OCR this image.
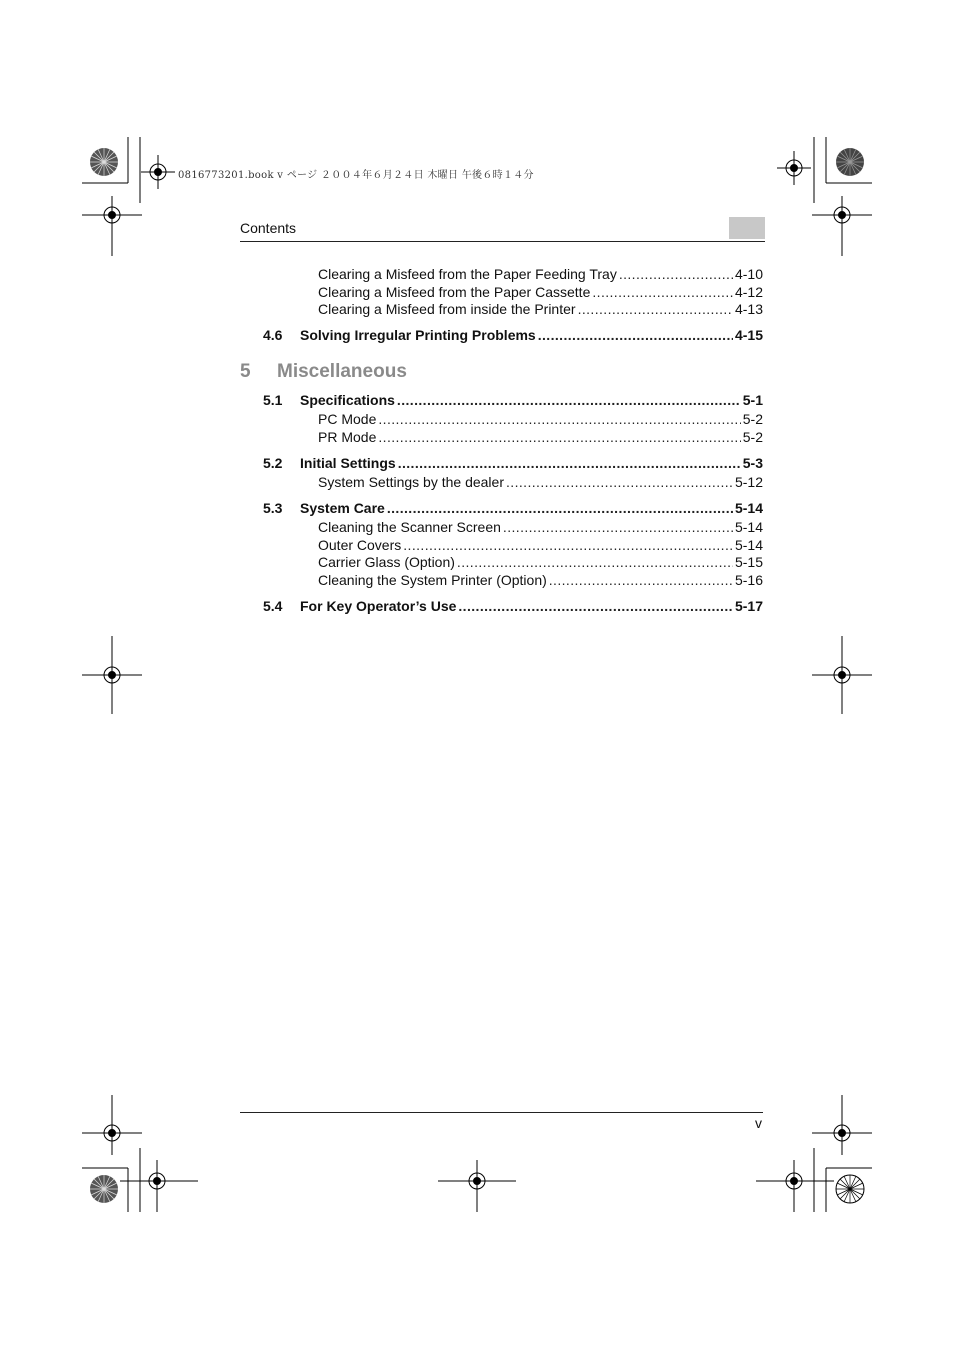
0816773201.book v ページ ２００４年６月２４日 木曜日 午後６時１４分
Contents
Clearing a Misfeed from the Paper Feeding Tray .....	4-10
Clearing a Misfeed from the Paper Cassette .....	4-12
Clearing a Misfeed from inside the Printer .....	4-13
4.6 Solving Irregular Printing Problems .....	4-15
5 Miscellaneous
5.1 Specifications .....	5-1
PC Mode .....	5-2
PR Mode .....	5-2
5.2 Initial Settings .....	5-3
System Settings by the dealer .....	5-12
5.3 System Care .....	5-14
Cleaning the Scanner Screen .....	5-14
Outer Covers .....	5-14
Carrier Glass (Option) .....	5-15
Cleaning the System Printer (Option) .....	5-16
5.4 For Key Operator’s Use .....	5-17
v
